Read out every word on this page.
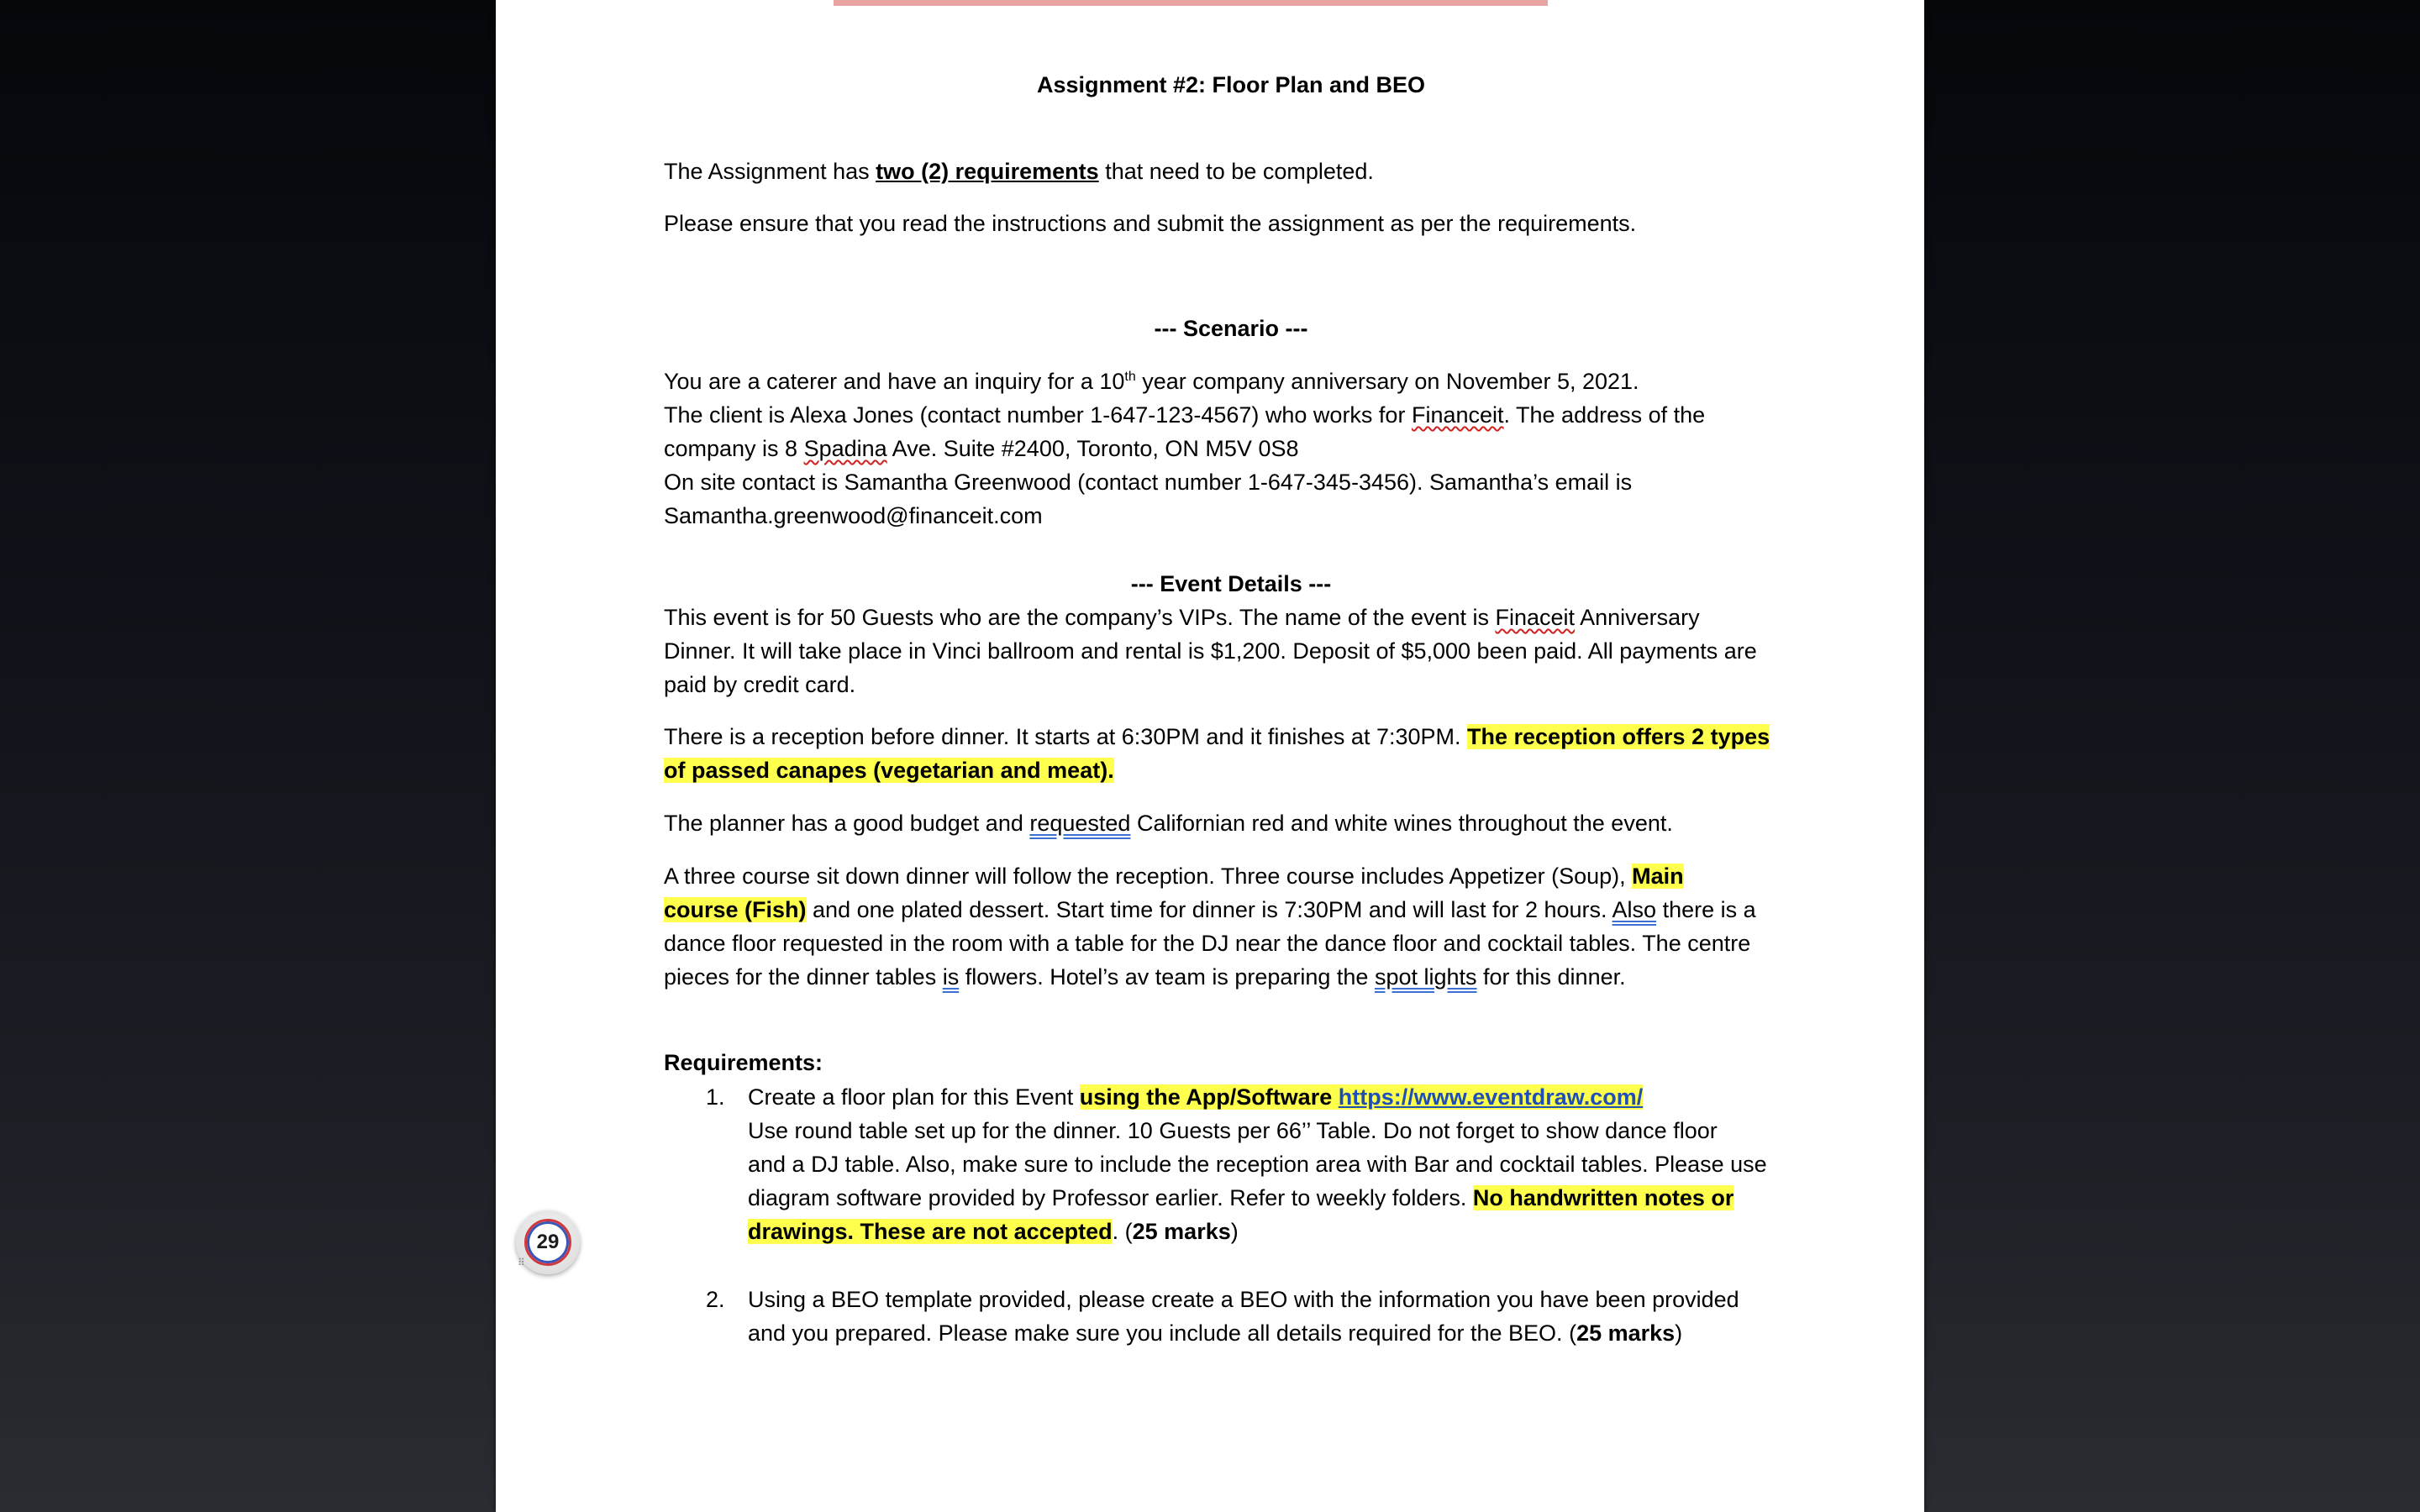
Assignment #2: Floor Plan and BEO
The Assignment has two (2) requirements that need to be completed.
Please ensure that you read the instructions and submit the assignment as per the requirements.
--- Scenario ---
You are a caterer and have an inquiry for a 10th year company anniversary on November 5, 2021.
The client is Alexa Jones (contact number 1-647-123-4567) who works for Financeit. The address of the
company is 8 Spadina Ave. Suite #2400, Toronto, ON M5V 0S8
On site contact is Samantha Greenwood (contact number 1-647-345-3456). Samantha’s email is
Samantha.greenwood@financeit.com
--- Event Details ---
This event is for 50 Guests who are the company’s VIPs. The name of the event is Finaceit Anniversary
Dinner. It will take place in Vinci ballroom and rental is $1,200. Deposit of $5,000 been paid. All payments are
paid by credit card.
There is a reception before dinner. It starts at 6:30PM and it finishes at 7:30PM. The reception offers 2 types
of passed canapes (vegetarian and meat).
The planner has a good budget and requested Californian red and white wines throughout the event.
A three course sit down dinner will follow the reception. Three course includes Appetizer (Soup), Main
course (Fish) and one plated dessert. Start time for dinner is 7:30PM and will last for 2 hours. Also there is a
dance floor requested in the room with a table for the DJ near the dance floor and cocktail tables. The centre
pieces for the dinner tables is flowers. Hotel’s av team is preparing the spot lights for this dinner.
Requirements:
1. Create a floor plan for this Event using the App/Software https://www.eventdraw.com/
Use round table set up for the dinner. 10 Guests per 66’’ Table. Do not forget to show dance floor
and a DJ table. Also, make sure to include the reception area with Bar and cocktail tables. Please use
diagram software provided by Professor earlier. Refer to weekly folders. No handwritten notes or
drawings. These are not accepted. (25 marks)
2. Using a BEO template provided, please create a BEO with the information you have been provided
and you prepared. Please make sure you include all details required for the BEO. (25 marks)
29
⠿
